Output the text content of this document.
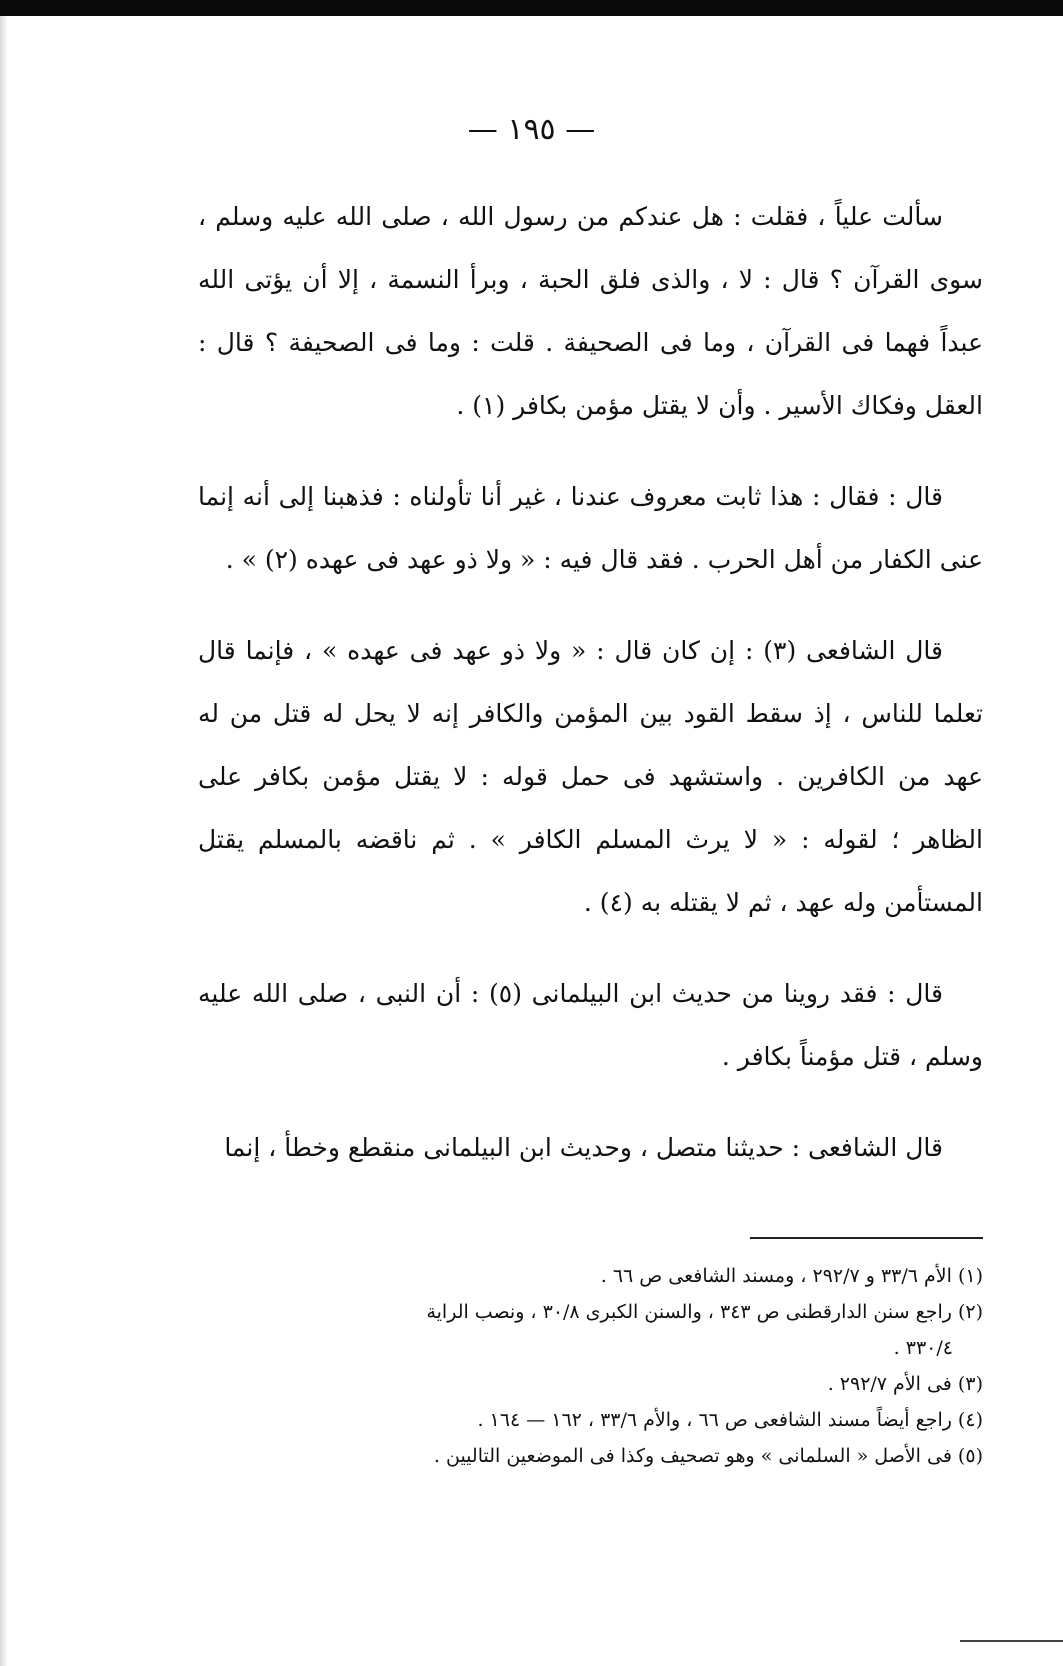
— ١٩٥ —

سألت علياً ، فقلت : هل عندكم من رسول الله ، صلى الله عليه وسلم ، سوى القرآن ؟ قال : لا ، والذى فلق الحبة ، وبرأ النسمة ، إلا أن يؤتى الله عبداً فهما فى القرآن ، وما فى الصحيفة . قلت : وما فى الصحيفة ؟ قال : العقل وفكاك الأسير . وأن لا يقتل مؤمن بكافر (١) .

قال : فقال : هذا ثابت معروف عندنا ، غير أنا تأولناه : فذهبنا إلى أنه إنما عنى الكفار من أهل الحرب . فقد قال فيه : « ولا ذو عهد فى عهده (٢) » .

قال الشافعى (٣) : إن كان قال : « ولا ذو عهد فى عهده » ، فإنما قال تعلما للناس ، إذ سقط القود بين المؤمن والكافر إنه لا يحل له قتل من له عهد من الكافرين . واستشهد فى حمل قوله : لا يقتل مؤمن بكافر على الظاهر ؛ لقوله : « لا يرث المسلم الكافر » . ثم ناقضه بالمسلم يقتل المستأمن وله عهد ، ثم لا يقتله به (٤) .

قال : فقد روينا من حديث ابن البيلمانى (٥) : أن النبى ، صلى الله عليه وسلم ، قتل مؤمناً بكافر .

قال الشافعى : حديثنا متصل ، وحديث ابن البيلمانى منقطع وخطأ ، إنما

(١) الأم ٣٣/٦ و ٢٩٢/٧ ، ومسند الشافعى ص ٦٦ .

(٢) راجع سنن الدارقطنى ص ٣٤٣ ، والسنن الكبرى ٣٠/٨ ، ونصب الراية

٣٣٠/٤ .

(٣) فى الأم ٢٩٢/٧ .

(٤) راجع أيضاً مسند الشافعى ص ٦٦ ، والأم ٣٣/٦ ، ١٦٢ — ١٦٤ .

(٥) فى الأصل « السلمانى » وهو تصحيف وكذا فى الموضعين التاليين .
